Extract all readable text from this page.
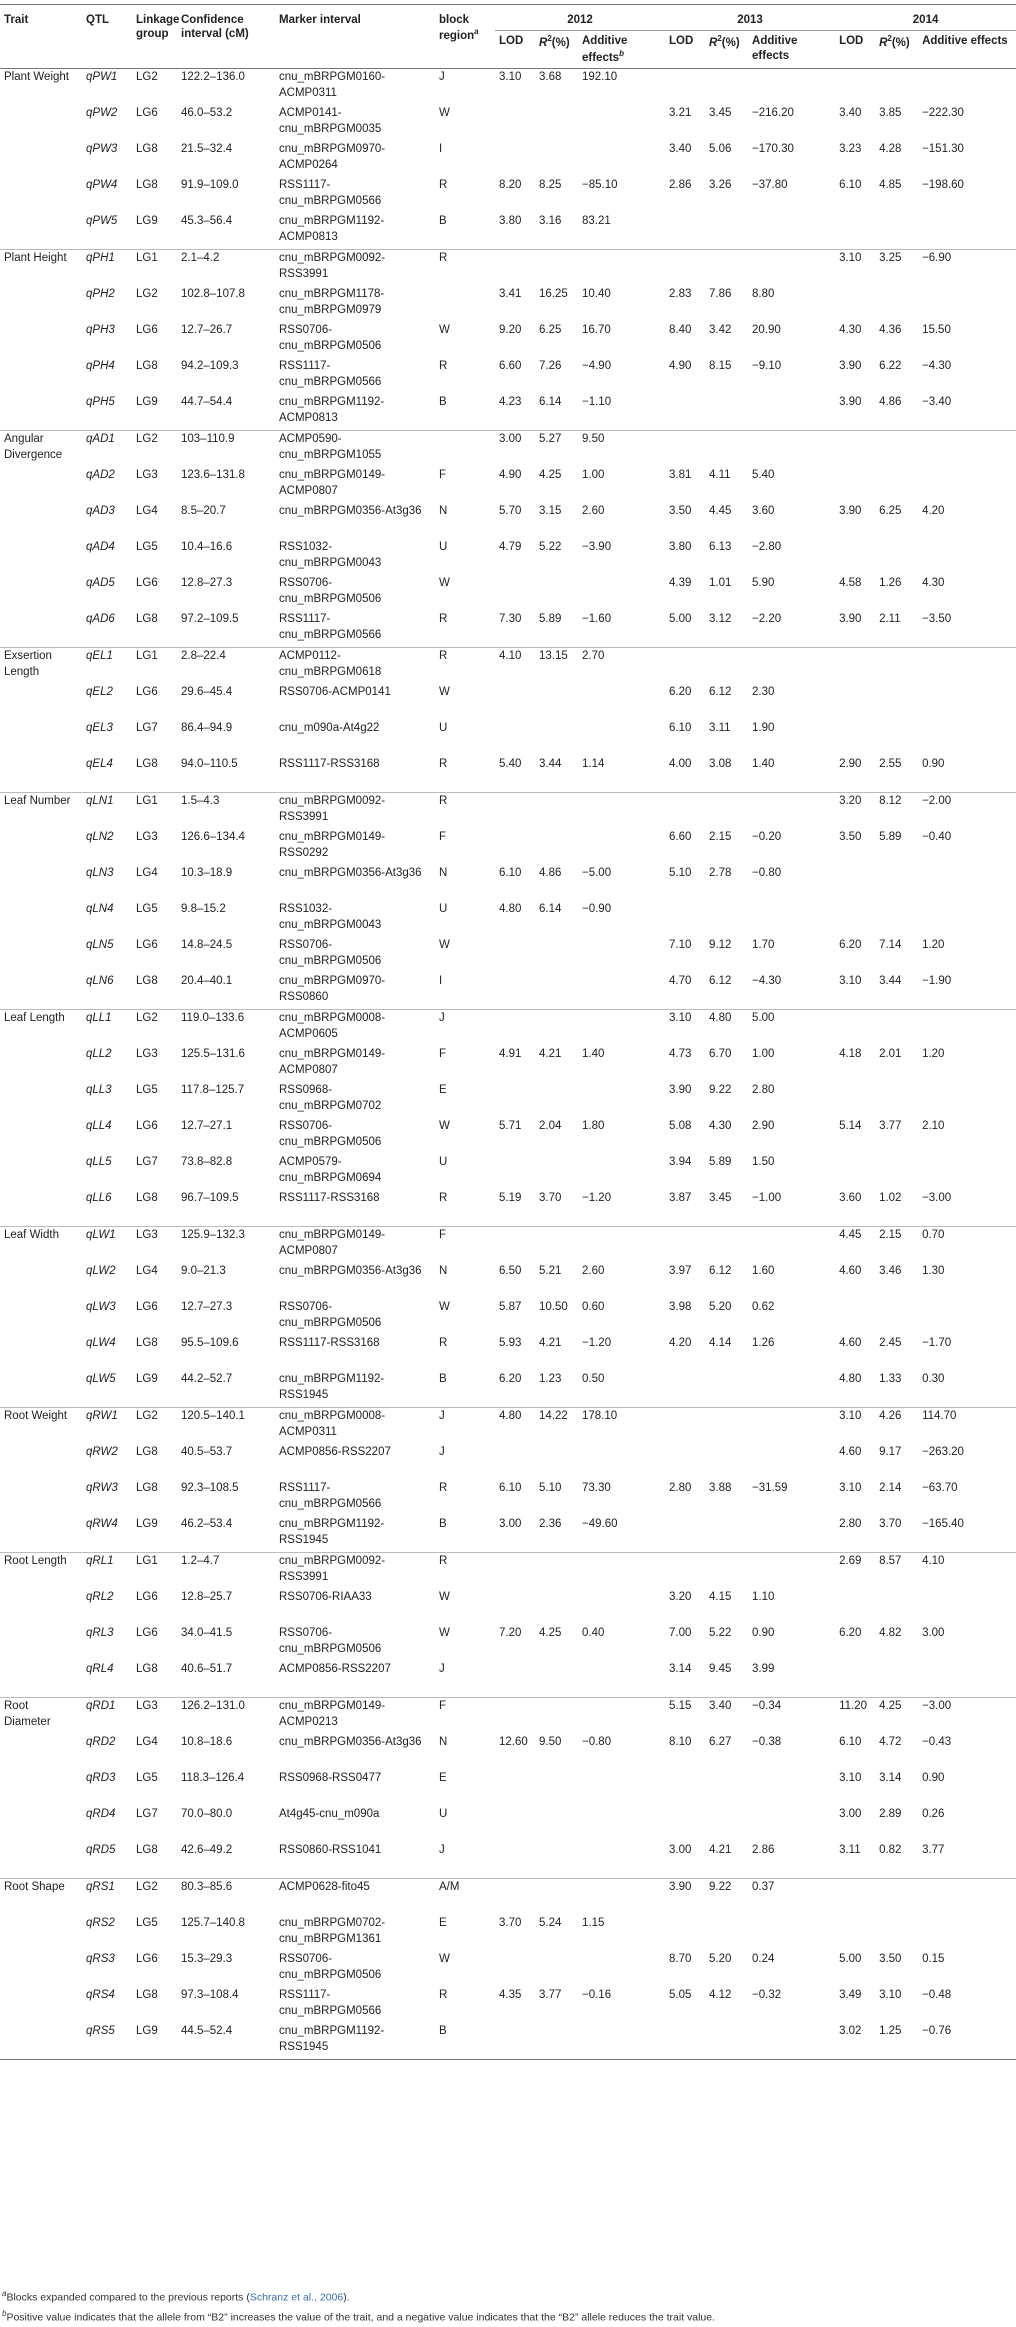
Trait	QTL	Linkage group	Confidence interval (cM)	Marker interval	block region$^a$	2012			2013			2014		
						LOD	$R^2(\%)$	Additive effects$^b$	LOD	$R^2(\%)$	Additive effects	LOD	$R^2(\%)$	Additive effects
Plant Weight	qPW1	LG2	122.2–136.0	cnu_mBRPGM0160-ACMP0311	J	3.10	3.68	192.10						
	qPW2	LG6	46.0–53.2	ACMP0141-cnu_mBRPGM0035	W				3.21	3.45	−216.20	3.40	3.85	−222.30
	qPW3	LG8	21.5–32.4	cnu_mBRPGM0970-ACMP0264	I				3.40	5.06	−170.30	3.23	4.28	−151.30
	qPW4	LG8	91.9–109.0	RSS1117-cnu_mBRPGM0566	R	8.20	8.25	−85.10	2.86	3.26	−37.80	6.10	4.85	−198.60
	qPW5	LG9	45.3–56.4	cnu_mBRPGM1192-ACMP0813	B	3.80	3.16	83.21						
Plant Height	qPH1	LG1	2.1–4.2	cnu_mBRPGM0092-RSS3991	R							3.10	3.25	−6.90
	qPH2	LG2	102.8–107.8	cnu_mBRPGM1178-cnu_mBRPGM0979		3.41	16.25	10.40	2.83	7.86	8.80			
	qPH3	LG6	12.7–26.7	RSS0706-cnu_mBRPGM0506	W	9.20	6.25	16.70	8.40	3.42	20.90	4.30	4.36	15.50
	qPH4	LG8	94.2–109.3	RSS1117-cnu_mBRPGM0566	R	6.60	7.26	−4.90	4.90	8.15	−9.10	3.90	6.22	−4.30
	qPH5	LG9	44.7–54.4	cnu_mBRPGM1192-ACMP0813	B	4.23	6.14	−1.10				3.90	4.86	−3.40
Angular Divergence	qAD1	LG2	103–110.9	ACMP0590-cnu_mBRPGM1055		3.00	5.27	9.50						
	qAD2	LG3	123.6–131.8	cnu_mBRPGM0149-ACMP0807	F	4.90	4.25	1.00	3.81	4.11	5.40			
	qAD3	LG4	8.5–20.7	cnu_mBRPGM0356-At3g36	N	5.70	3.15	2.60	3.50	4.45	3.60	3.90	6.25	4.20
	qAD4	LG5	10.4–16.6	RSS1032-cnu_mBRPGM0043	U	4.79	5.22	−3.90	3.80	6.13	−2.80			
	qAD5	LG6	12.8–27.3	RSS0706-cnu_mBRPGM0506	W				4.39	1.01	5.90	4.58	1.26	4.30
	qAD6	LG8	97.2–109.5	RSS1117-cnu_mBRPGM0566	R	7.30	5.89	−1.60	5.00	3.12	−2.20	3.90	2.11	−3.50
Exsertion Length	qEL1	LG1	2.8–22.4	ACMP0112-cnu_mBRPGM0618	R	4.10	13.15	2.70						
	qEL2	LG6	29.6–45.4	RSS0706-ACMP0141	W				6.20	6.12	2.30			
	qEL3	LG7	86.4–94.9	cnu_m090a-At4g22	U				6.10	3.11	1.90			
	qEL4	LG8	94.0–110.5	RSS1117-RSS3168	R	5.40	3.44	1.14	4.00	3.08	1.40	2.90	2.55	0.90
Leaf Number	qLN1	LG1	1.5–4.3	cnu_mBRPGM0092-RSS3991	R							3.20	8.12	−2.00
	qLN2	LG3	126.6–134.4	cnu_mBRPGM0149-RSS0292	F				6.60	2.15	−0.20	3.50	5.89	−0.40
	qLN3	LG4	10.3–18.9	cnu_mBRPGM0356-At3g36	N	6.10	4.86	−5.00	5.10	2.78	−0.80			
	qLN4	LG5	9.8–15.2	RSS1032-cnu_mBRPGM0043	U	4.80	6.14	−0.90						
	qLN5	LG6	14.8–24.5	RSS0706-cnu_mBRPGM0506	W				7.10	9.12	1.70	6.20	7.14	1.20
	qLN6	LG8	20.4–40.1	cnu_mBRPGM0970-RSS0860	I				4.70	6.12	−4.30	3.10	3.44	−1.90
Leaf Length	qLL1	LG2	119.0–133.6	cnu_mBRPGM0008-ACMP0605	J				3.10	4.80	5.00			
	qLL2	LG3	125.5–131.6	cnu_mBRPGM0149-ACMP0807	F	4.91	4.21	1.40	4.73	6.70	1.00	4.18	2.01	1.20
	qLL3	LG5	117.8–125.7	RSS0968-cnu_mBRPGM0702	E				3.90	9.22	2.80			
	qLL4	LG6	12.7–27.1	RSS0706-cnu_mBRPGM0506	W	5.71	2.04	1.80	5.08	4.30	2.90	5.14	3.77	2.10
	qLL5	LG7	73.8–82.8	ACMP0579-cnu_mBRPGM0694	U				3.94	5.89	1.50			
	qLL6	LG8	96.7–109.5	RSS1117-RSS3168	R	5.19	3.70	−1.20	3.87	3.45	−1.00	3.60	1.02	−3.00
Leaf Width	qLW1	LG3	125.9–132.3	cnu_mBRPGM0149-ACMP0807	F							4.45	2.15	0.70
	qLW2	LG4	9.0–21.3	cnu_mBRPGM0356-At3g36	N	6.50	5.21	2.60	3.97	6.12	1.60	4.60	3.46	1.30
	qLW3	LG6	12.7–27.3	RSS0706-cnu_mBRPGM0506	W	5.87	10.50	0.60	3.98	5.20	0.62			
	qLW4	LG8	95.5–109.6	RSS1117-RSS3168	R	5.93	4.21	−1.20	4.20	4.14	1.26	4.60	2.45	−1.70
	qLW5	LG9	44.2–52.7	cnu_mBRPGM1192-RSS1945	B	6.20	1.23	0.50				4.80	1.33	0.30
Root Weight	qRW1	LG2	120.5–140.1	cnu_mBRPGM0008-ACMP0311	J	4.80	14.22	178.10				3.10	4.26	114.70
	qRW2	LG8	40.5–53.7	ACMP0856-RSS2207	J							4.60	9.17	−263.20
	qRW3	LG8	92.3–108.5	RSS1117-cnu_mBRPGM0566	R	6.10	5.10	73.30	2.80	3.88	−31.59	3.10	2.14	−63.70
	qRW4	LG9	46.2–53.4	cnu_mBRPGM1192-RSS1945	B	3.00	2.36	−49.60				2.80	3.70	−165.40
Root Length	qRL1	LG1	1.2–4.7	cnu_mBRPGM0092-RSS3991	R							2.69	8.57	4.10
	qRL2	LG6	12.8–25.7	RSS0706-RIAA33	W				3.20	4.15	1.10			
	qRL3	LG6	34.0–41.5	RSS0706-cnu_mBRPGM0506	W	7.20	4.25	0.40	7.00	5.22	0.90	6.20	4.82	3.00
	qRL4	LG8	40.6–51.7	ACMP0856-RSS2207	J				3.14	9.45	3.99			
Root Diameter	qRD1	LG3	126.2–131.0	cnu_mBRPGM0149-ACMP0213	F				5.15	3.40	−0.34	11.20	4.25	−3.00
	qRD2	LG4	10.8–18.6	cnu_mBRPGM0356-At3g36	N	12.60	9.50	−0.80	8.10	6.27	−0.38	6.10	4.72	−0.43
	qRD3	LG5	118.3–126.4	RSS0968-RSS0477	E							3.10	3.14	0.90
	qRD4	LG7	70.0–80.0	At4g45-cnu_m090a	U							3.00	2.89	0.26
	qRD5	LG8	42.6–49.2	RSS0860-RSS1041	J				3.00	4.21	2.86	3.11	0.82	3.77
Root Shape	qRS1	LG2	80.3–85.6	ACMP0628-fito45	A/M				3.90	9.22	0.37			
	qRS2	LG5	125.7–140.8	cnu_mBRPGM0702-cnu_mBRPGM1361	E	3.70	5.24	1.15						
	qRS3	LG6	15.3–29.3	RSS0706-cnu_mBRPGM0506	W				8.70	5.20	0.24	5.00	3.50	0.15
	qRS4	LG8	97.3–108.4	RSS1117-cnu_mBRPGM0566	R	4.35	3.77	−0.16	5.05	4.12	−0.32	3.49	3.10	−0.48
	qRS5	LG9	44.5–52.4	cnu_mBRPGM1192-RSS1945	B							3.02	1.25	−0.76
$^a$Blocks expanded compared to the previous reports (Schranz et al., 2006).
$^b$Positive value indicates that the allele from “B2” increases the value of the trait, and a negative value indicates that the “B2” allele reduces the trait value.
